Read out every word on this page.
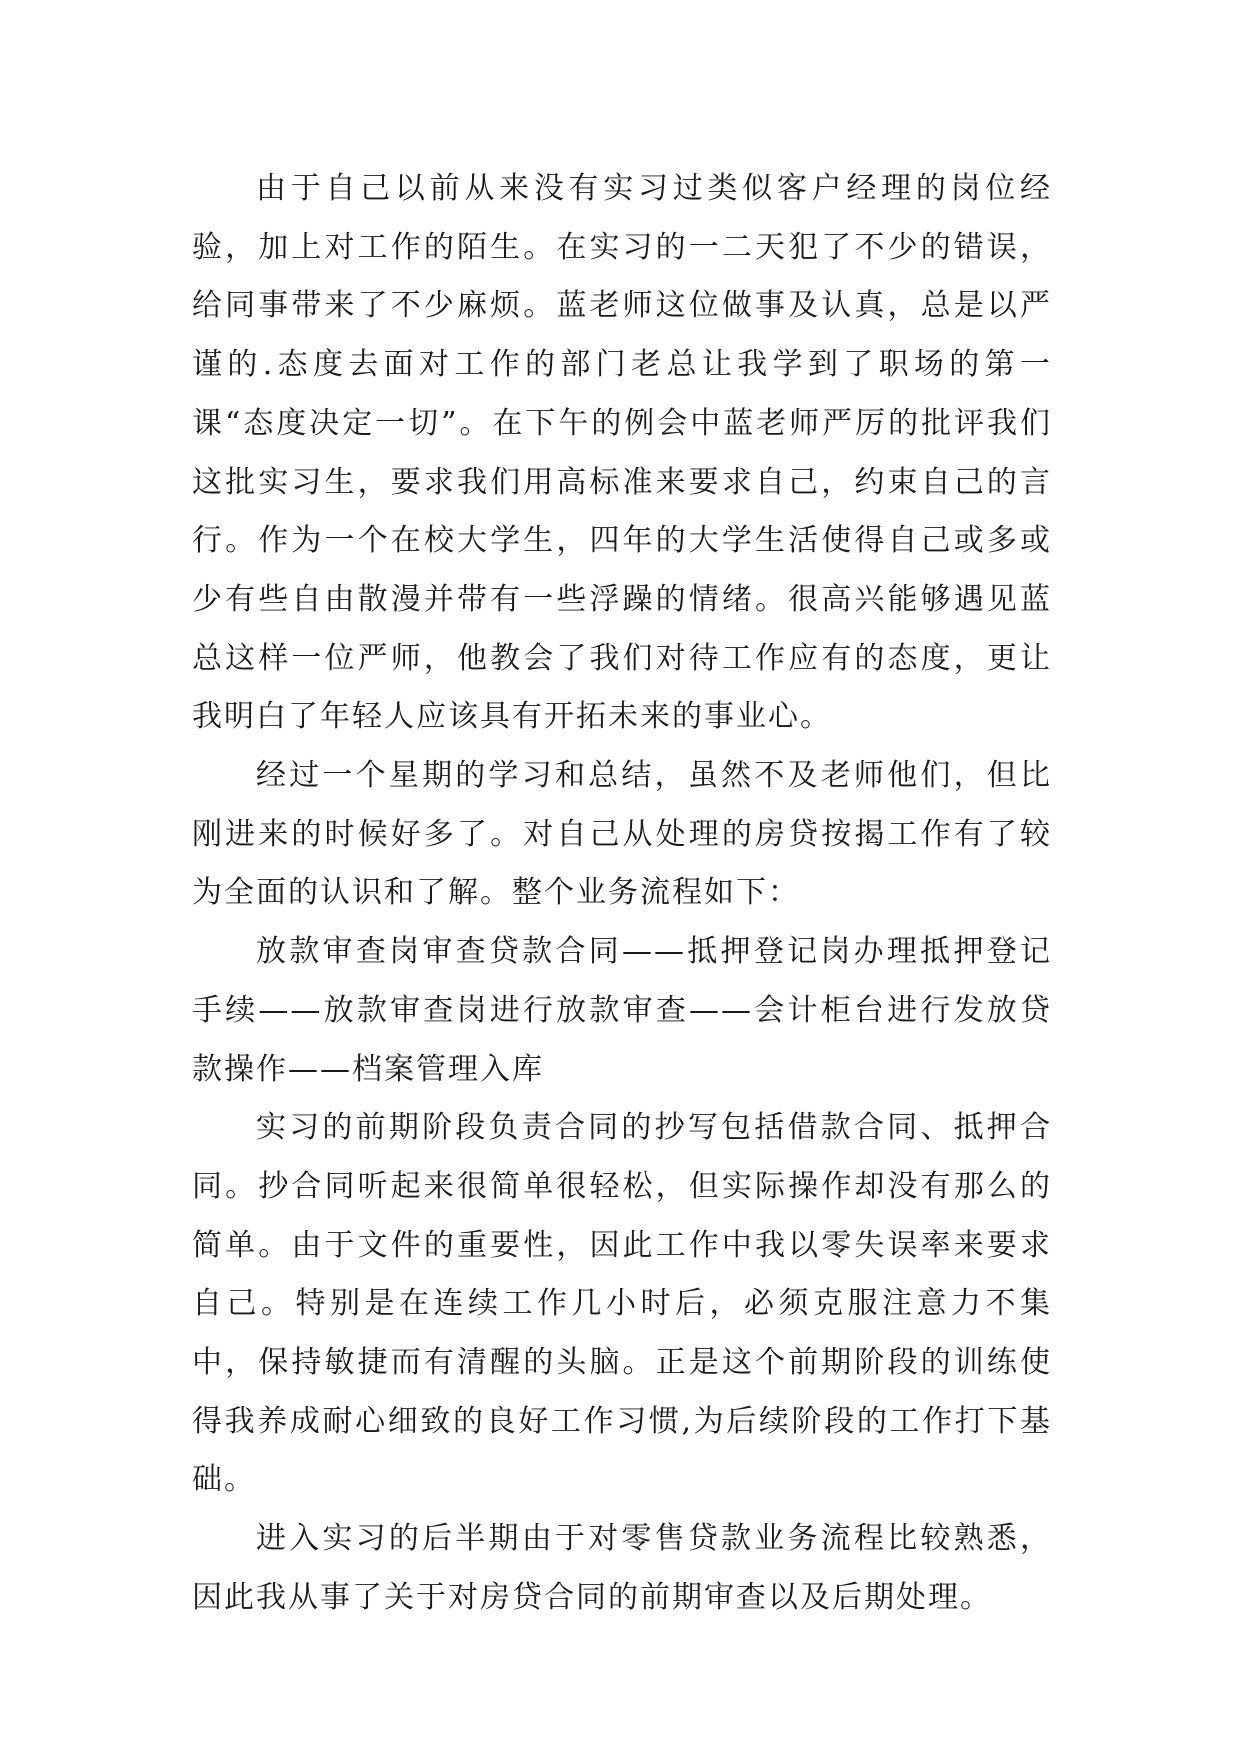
由于自己以前从来没有实习过类似客户经理的岗位经验，加上对工作的陌生。在实习的一二天犯了不少的错误，给同事带来了不少麻烦。蓝老师这位做事及认真，总是以严谨的.态度去面对工作的部门老总让我学到了职场的第一课“态度决定一切”。在下午的例会中蓝老师严厉的批评我们这批实习生，要求我们用高标准来要求自己，约束自己的言行。作为一个在校大学生，四年的大学生活使得自己或多或少有些自由散漫并带有一些浮躁的情绪。很高兴能够遇见蓝总这样一位严师，他教会了我们对待工作应有的态度，更让我明白了年轻人应该具有开拓未来的事业心。

经过一个星期的学习和总结，虽然不及老师他们，但比刚进来的时候好多了。对自己从处理的房贷按揭工作有了较为全面的认识和了解。整个业务流程如下：

放款审查岗审查贷款合同——抵押登记岗办理抵押登记手续——放款审查岗进行放款审查——会计柜台进行发放贷款操作——档案管理入库

实习的前期阶段负责合同的抄写包括借款合同、抵押合同。抄合同听起来很简单很轻松，但实际操作却没有那么的简单。由于文件的重要性，因此工作中我以零失误率来要求自己。特别是在连续工作几小时后，必须克服注意力不集中，保持敏捷而有清醒的头脑。正是这个前期阶段的训练使得我养成耐心细致的良好工作习惯,为后续阶段的工作打下基础。

进入实习的后半期由于对零售贷款业务流程比较熟悉，因此我从事了关于对房贷合同的前期审查以及后期处理。
